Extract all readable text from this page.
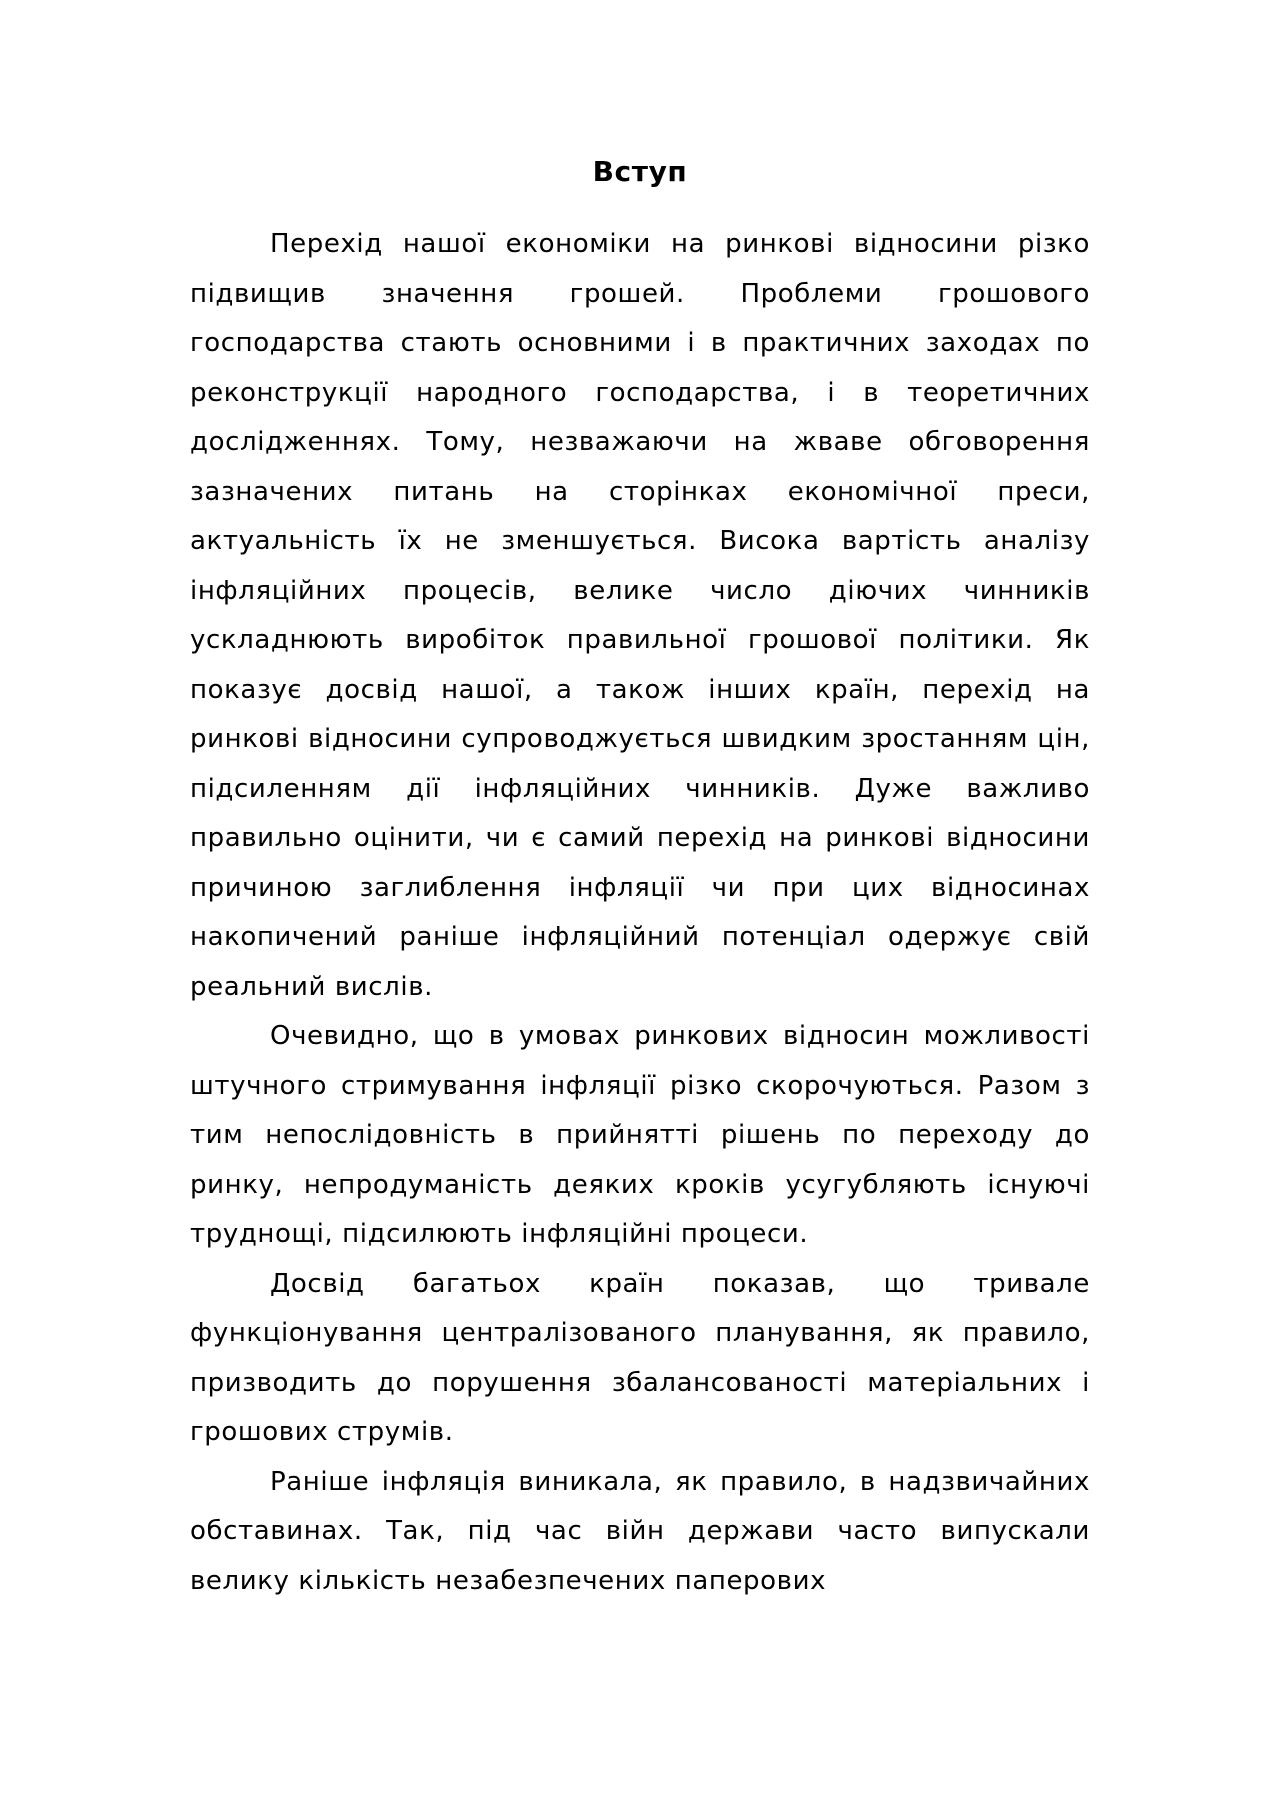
Вступ

Перехід нашої економіки на ринкові відносини різко підвищив значення грошей. Проблеми грошового господарства стають основними і в практичних заходах по реконструкції народного господарства, і в теоретичних дослідженнях. Тому, незважаючи на жваве обговорення зазначених питань на сторінках економічної преси, актуальність їх не зменшується. Висока вартість аналізу інфляційних процесів, велике число діючих чинників ускладнюють виробіток правильної грошової політики. Як показує досвід нашої, а також інших країн, перехід на ринкові відносини супроводжується швидким зростанням цін, підсиленням дії інфляційних чинників. Дуже важливо правильно оцінити, чи є самий перехід на ринкові відносини причиною заглиблення інфляції чи при цих відносинах накопичений раніше інфляційний потенціал одержує свій реальний вислів.

Очевидно, що в умовах ринкових відносин можливості штучного стримування інфляції різко скорочуються. Разом з тим непослідовність в прийнятті рішень по переходу до ринку, непродуманість деяких кроків усугубляють існуючі труднощі, підсилюють інфляційні процеси.

Досвід багатьох країн показав, що тривале функціонування централізованого планування, як правило, призводить до порушення збалансованості матеріальних і грошових струмів.

Раніше інфляція виникала, як правило, в надзвичайних обставинах. Так, під час війн держави часто випускали велику кількість незабезпечених паперових
